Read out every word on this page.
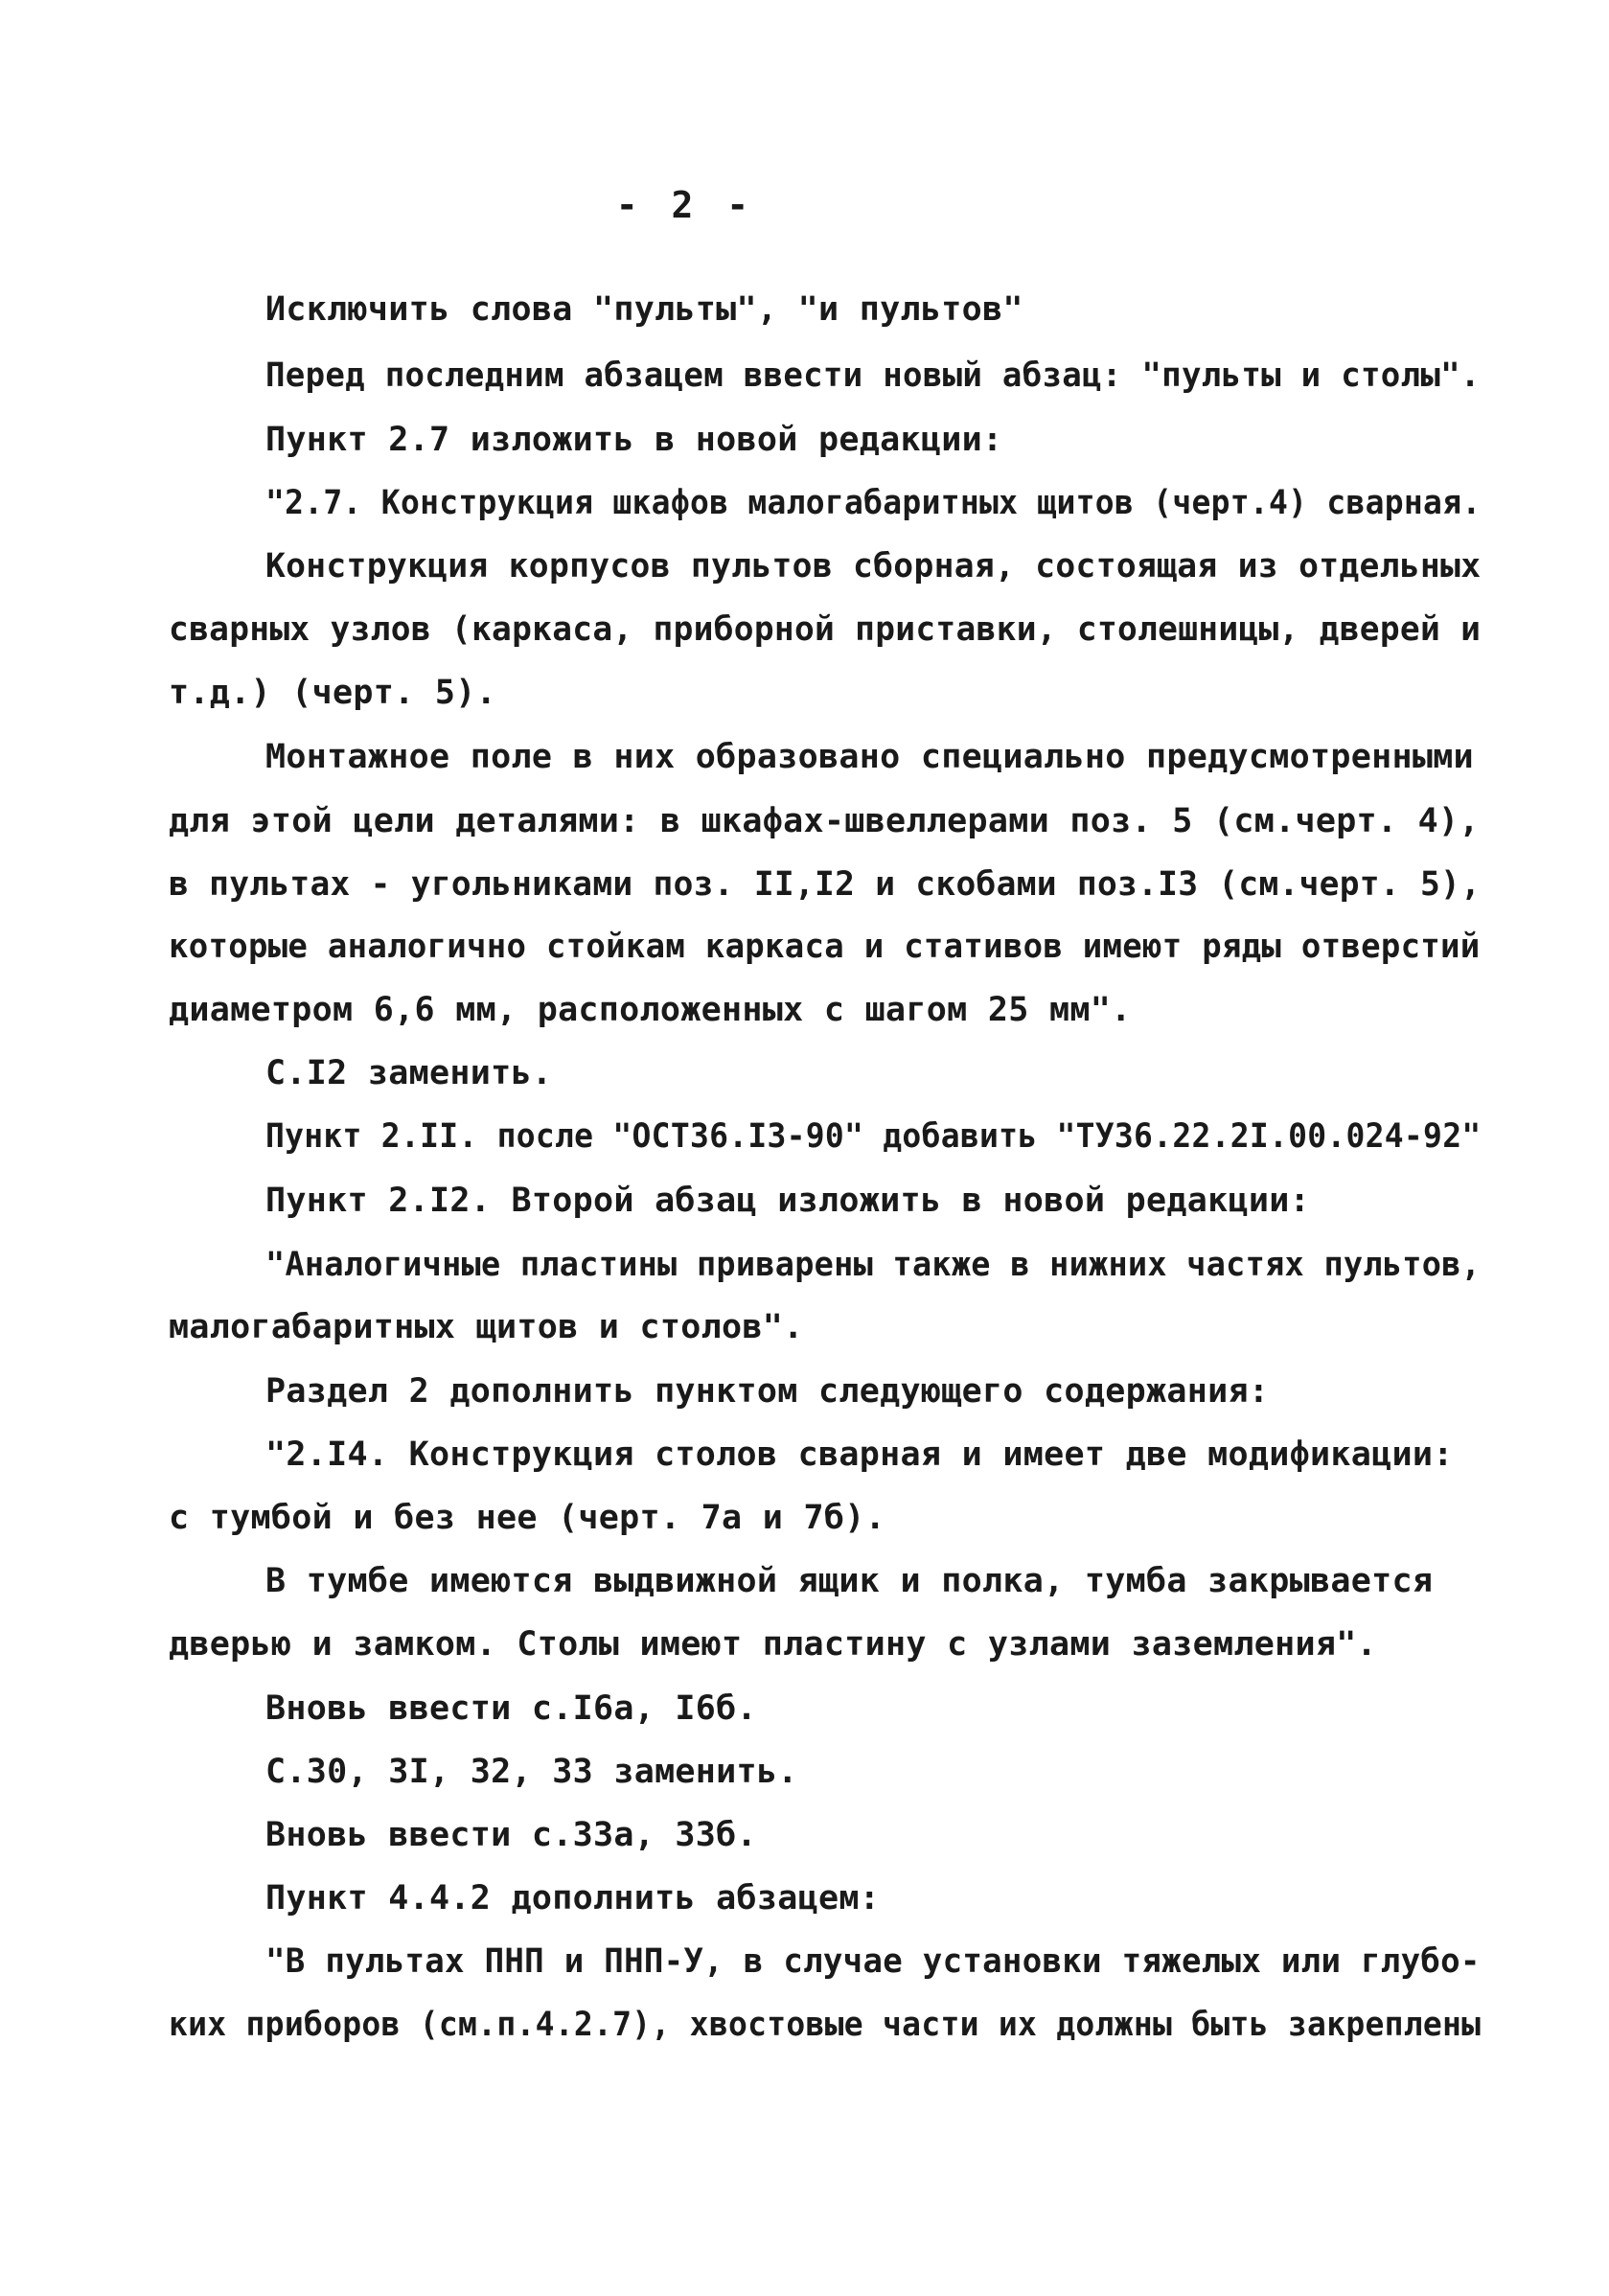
- 2 -
Исключить слова "пульты", "и пультов"
Перед последним абзацем ввести новый абзац: "пульты и столы".
Пункт 2.7 изложить в новой редакции:
"2.7. Конструкция шкафов малогабаритных щитов (черт.4) сварная.
Конструкция корпусов пультов сборная, состоящая из отдельных
сварных узлов (каркаса, приборной приставки, столешницы, дверей и
т.д.) (черт. 5).
Монтажное поле в них образовано специально предусмотренными
для этой цели деталями: в шкафах-швеллерами поз. 5 (см.черт. 4),
в пультах - угольниками поз. II,I2 и скобами поз.I3 (см.черт. 5),
которые аналогично стойкам каркаса и стативов имеют ряды отверстий
диаметром 6,6 мм, расположенных с шагом 25 мм".
С.I2 заменить.
Пункт 2.II. после "ОСТ36.I3-90" добавить "ТУ36.22.2I.00.024-92"
Пункт 2.I2. Второй абзац изложить в новой редакции:
"Аналогичные пластины приварены также в нижних частях пультов,
малогабаритных щитов и столов".
Раздел 2 дополнить пунктом следующего содержания:
"2.I4. Конструкция столов сварная и имеет две модификации:
с тумбой и без нее (черт. 7а и 7б).
В тумбе имеются выдвижной ящик и полка, тумба закрывается
дверью и замком. Столы имеют пластину с узлами заземления".
Вновь ввести с.I6а, I6б.
С.30, 3I, 32, 33 заменить.
Вновь ввести с.33а, 33б.
Пункт 4.4.2 дополнить абзацем:
"В пультах ПНП и ПНП-У, в случае установки тяжелых или глубо-
ких приборов (см.п.4.2.7), хвостовые части их должны быть закреплены
